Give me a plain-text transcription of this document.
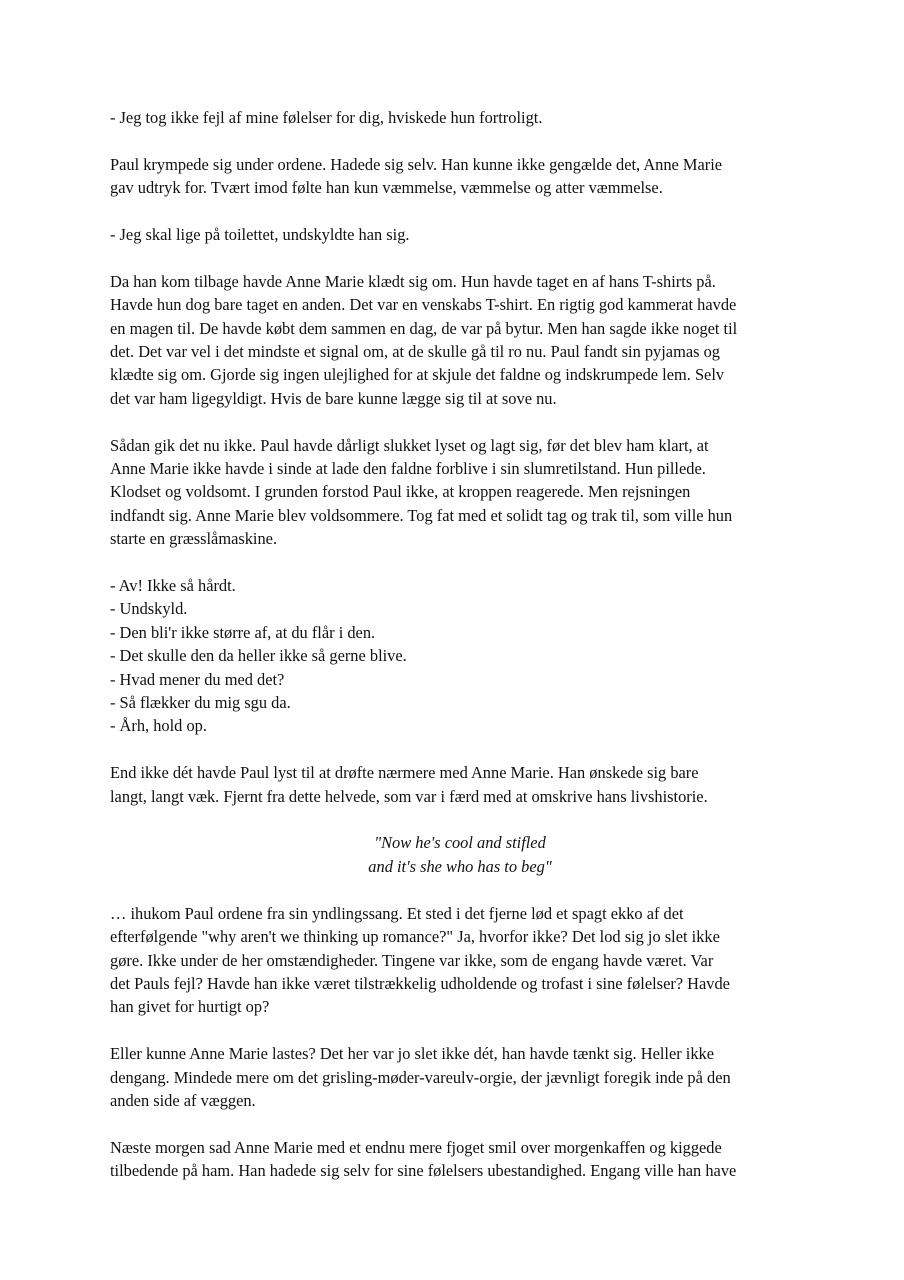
- Jeg tog ikke fejl af mine følelser for dig, hviskede hun fortroligt.
Paul krympede sig under ordene. Hadede sig selv. Han kunne ikke gengælde det, Anne Marie
gav udtryk for. Tvært imod følte han kun væmmelse, væmmelse og atter væmmelse.
- Jeg skal lige på toilettet, undskyldte han sig.
Da han kom tilbage havde Anne Marie klædt sig om. Hun havde taget en af hans T-shirts på.
Havde hun dog bare taget en anden. Det var en venskabs T-shirt. En rigtig god kammerat havde
en magen til. De havde købt dem sammen en dag, de var på bytur. Men han sagde ikke noget til
det. Det var vel i det mindste et signal om, at de skulle gå til ro nu. Paul fandt sin pyjamas og
klædte sig om. Gjorde sig ingen ulejlighed for at skjule det faldne og indskrumpede lem. Selv
det var ham ligegyldigt. Hvis de bare kunne lægge sig til at sove nu.
Sådan gik det nu ikke. Paul havde dårligt slukket lyset og lagt sig, før det blev ham klart, at
Anne Marie ikke havde i sinde at lade den faldne forblive i sin slumretilstand. Hun pillede.
Klodset og voldsomt. I grunden forstod Paul ikke, at kroppen reagerede. Men rejsningen
indfandt sig. Anne Marie blev voldsommere. Tog fat med et solidt tag og trak til, som ville hun
starte en græsslåmaskine.
- Av! Ikke så hårdt.
- Undskyld.
- Den bli'r ikke større af, at du flår i den.
- Det skulle den da heller ikke så gerne blive.
- Hvad mener du med det?
- Så flækker du mig sgu da.
- Årh, hold op.
End ikke dét havde Paul lyst til at drøfte nærmere med Anne Marie. Han ønskede sig bare
langt, langt væk. Fjernt fra dette helvede, som var i færd med at omskrive hans livshistorie.
"Now he's cool and stifled
and it's she who has to beg"
… ihukom Paul ordene fra sin yndlingssang. Et sted i det fjerne lød et spagt ekko af det
efterfølgende "why aren't we thinking up romance?" Ja, hvorfor ikke? Det lod sig jo slet ikke
gøre. Ikke under de her omstændigheder. Tingene var ikke, som de engang havde været. Var
det Pauls fejl? Havde han ikke været tilstrækkelig udholdende og trofast i sine følelser? Havde
han givet for hurtigt op?
Eller kunne Anne Marie lastes? Det her var jo slet ikke dét, han havde tænkt sig. Heller ikke
dengang. Mindede mere om det grisling-møder-vareulv-orgie, der jævnligt foregik inde på den
anden side af væggen.
Næste morgen sad Anne Marie med et endnu mere fjoget smil over morgenkaffen og kiggede
tilbedende på ham. Han hadede sig selv for sine følelsers ubestandighed. Engang ville han have
